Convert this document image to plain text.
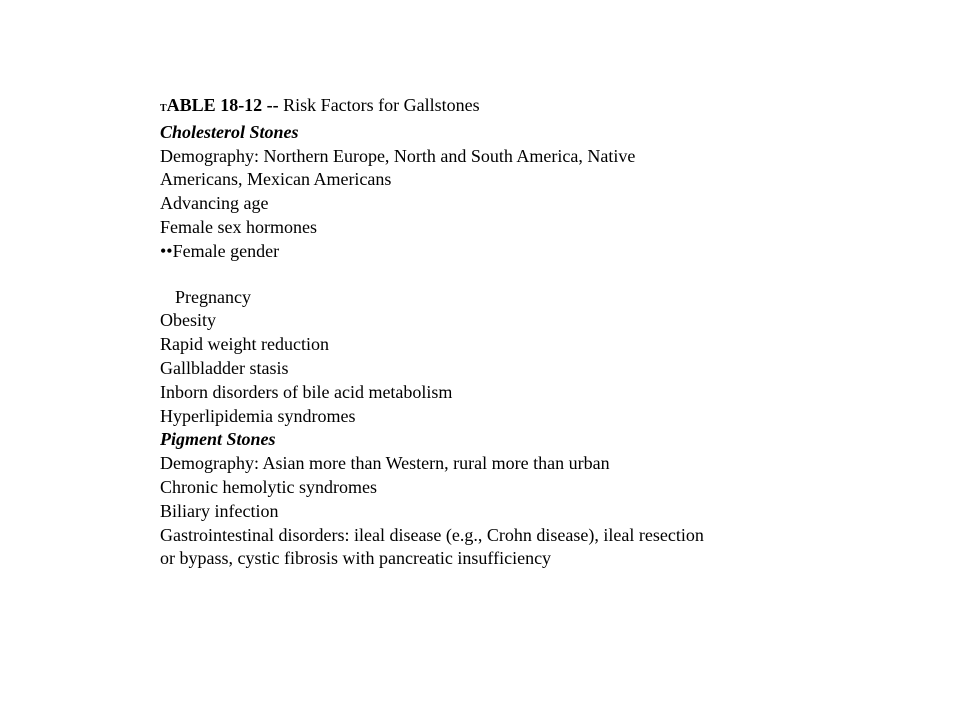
TABLE 18-12 -- Risk Factors for Gallstones
Cholesterol Stones
Demography: Northern Europe, North and South America, Native
Americans, Mexican Americans
Advancing age
Female sex hormones
••Female gender
Pregnancy
Obesity
Rapid weight reduction
Gallbladder stasis
Inborn disorders of bile acid metabolism
Hyperlipidemia syndromes
Pigment Stones
Demography: Asian more than Western, rural more than urban
Chronic hemolytic syndromes
Biliary infection
Gastrointestinal disorders: ileal disease (e.g., Crohn disease), ileal resection
or bypass, cystic fibrosis with pancreatic insufficiency
